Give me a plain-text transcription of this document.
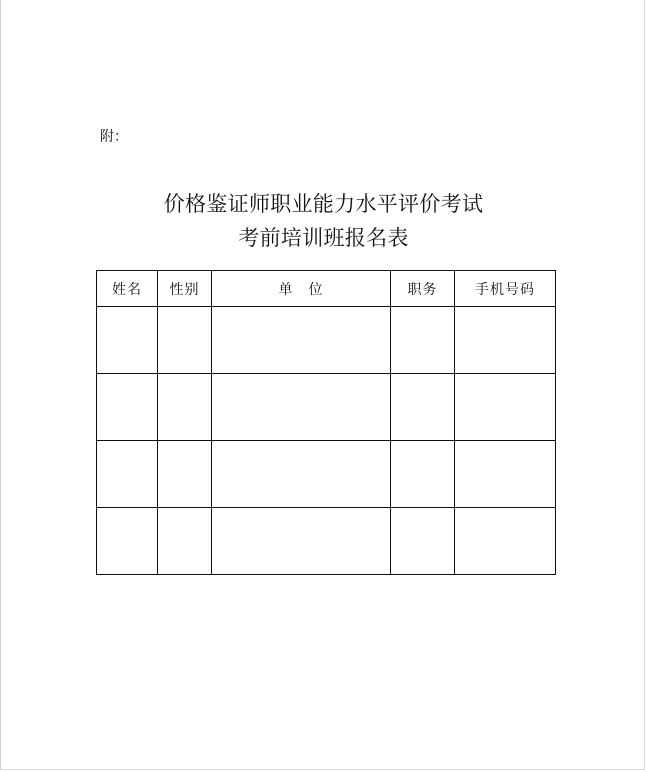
附：
价格鉴证师职业能力水平评价考试
考前培训班报名表
姓名	性别	单　位	职务	手机号码
